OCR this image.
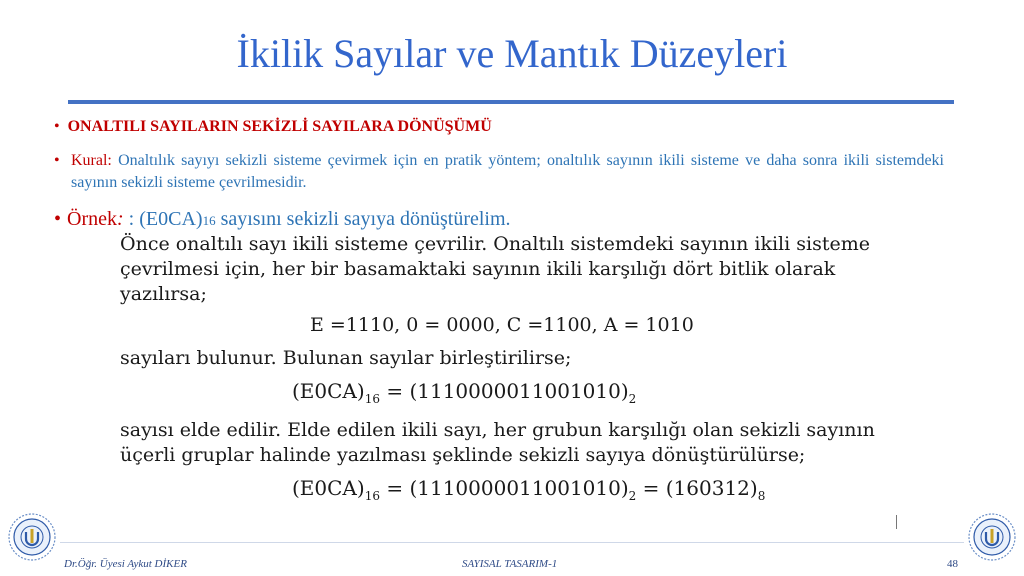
İkilik Sayılar ve Mantık Düzeyleri
• ONALTILI SAYILARIN SEKİZLİ SAYILARA DÖNÜŞÜMÜ
• Kural: Onaltılık sayıyı sekizli sisteme çevirmek için en pratik yöntem; onaltılık sayının ikili sisteme ve daha sonra ikili sistemdeki sayının sekizli sisteme çevrilmesidir.
• Örnek: : (E0CA)16 sayısını sekizli sayıya dönüştürelim.

Önce onaltılı sayı ikili sisteme çevrilir. Onaltılı sistemdeki sayının ikili sisteme çevrilmesi için, her bir basamaktaki sayının ikili karşılığı dört bitlik olarak yazılırsa;

E =1110, 0 = 0000, C =1100, A = 1010

sayıları bulunur. Bulunan sayılar birleştirilirse;

$(E0CA)_{16} = (1110000011001010)_2$

sayısı elde edilir. Elde edilen ikili sayı, her grubun karşılığı olan sekizli sayının üçerli gruplar halinde yazılması şeklinde sekizli sayıya dönüştürülürse;

$(E0CA)_{16} = (1110000011001010)_2 = (160312)_8$

Dr.Öğr. Üyesi Aykut DİKER	SAYISAL TASARIM-1	48
